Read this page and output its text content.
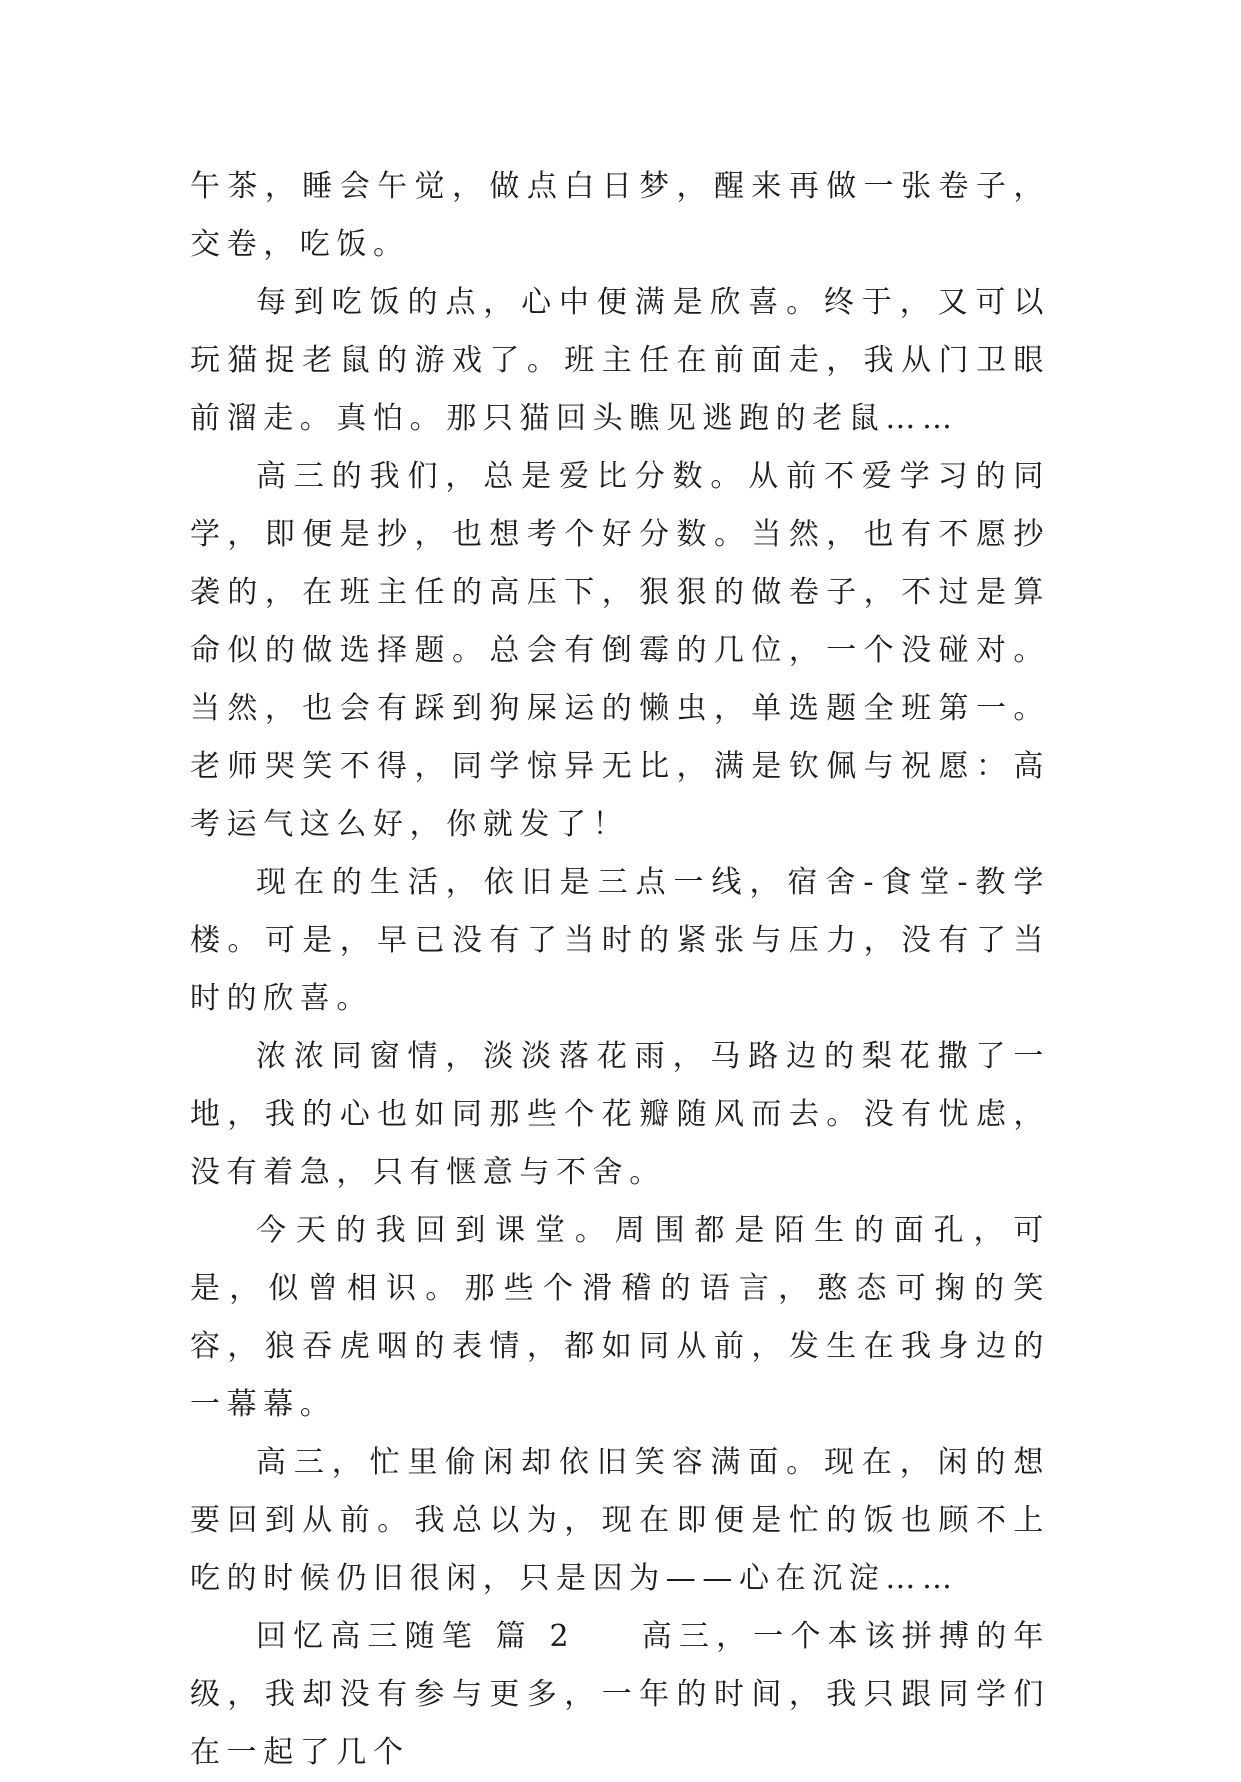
午茶，睡会午觉，做点白日梦，醒来再做一张卷子，交卷，吃饭。

每到吃饭的点，心中便满是欣喜。终于，又可以玩猫捉老鼠的游戏了。班主任在前面走，我从门卫眼前溜走。真怕。那只猫回头瞧见逃跑的老鼠……

高三的我们，总是爱比分数。从前不爱学习的同学，即便是抄，也想考个好分数。当然，也有不愿抄袭的，在班主任的高压下，狠狠的做卷子，不过是算命似的做选择题。总会有倒霉的几位，一个没碰对。当然，也会有踩到狗屎运的懒虫，单选题全班第一。老师哭笑不得，同学惊异无比，满是钦佩与祝愿：高考运气这么好，你就发了！

现在的生活，依旧是三点一线，宿舍-食堂-教学楼。可是，早已没有了当时的紧张与压力，没有了当时的欣喜。

浓浓同窗情，淡淡落花雨，马路边的梨花撒了一地，我的心也如同那些个花瓣随风而去。没有忧虑，没有着急，只有惬意与不舍。

今天的我回到课堂。周围都是陌生的面孔，可是，似曾相识。那些个滑稽的语言，憨态可掬的笑容，狼吞虎咽的表情，都如同从前，发生在我身边的一幕幕。

高三，忙里偷闲却依旧笑容满面。现在，闲的想要回到从前。我总以为，现在即便是忙的饭也顾不上吃的时候仍旧很闲，只是因为——心在沉淀……

回忆高三随笔 篇 2 高三，一个本该拼搏的年级，我却没有参与更多，一年的时间，我只跟同学们在一起了几个
